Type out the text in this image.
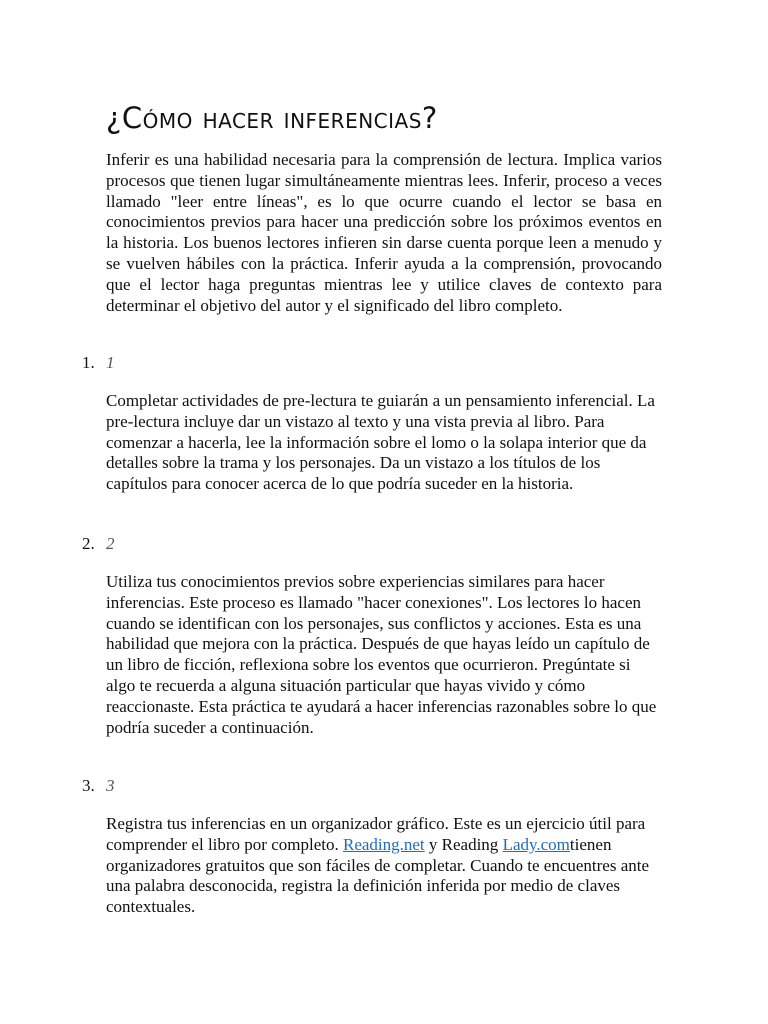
¿Cómo hacer inferencias?

Inferir es una habilidad necesaria para la comprensión de lectura. Implica varios procesos que tienen lugar simultáneamente mientras lees. Inferir, proceso a veces llamado "leer entre líneas", es lo que ocurre cuando el lector se basa en conocimientos previos para hacer una predicción sobre los próximos eventos en la historia. Los buenos lectores infieren sin darse cuenta porque leen a menudo y se vuelven hábiles con la práctica. Inferir ayuda a la comprensión, provocando que el lector haga preguntas mientras lee y utilice claves de contexto para determinar el objetivo del autor y el significado del libro completo.

1. 1

Completar actividades de pre-lectura te guiarán a un pensamiento inferencial. La pre-lectura incluye dar un vistazo al texto y una vista previa al libro. Para comenzar a hacerla, lee la información sobre el lomo o la solapa interior que da detalles sobre la trama y los personajes. Da un vistazo a los títulos de los capítulos para conocer acerca de lo que podría suceder en la historia.

2. 2

Utiliza tus conocimientos previos sobre experiencias similares para hacer inferencias. Este proceso es llamado "hacer conexiones". Los lectores lo hacen cuando se identifican con los personajes, sus conflictos y acciones. Esta es una habilidad que mejora con la práctica. Después de que hayas leído un capítulo de un libro de ficción, reflexiona sobre los eventos que ocurrieron. Pregúntate si algo te recuerda a alguna situación particular que hayas vivido y cómo reaccionaste. Esta práctica te ayudará a hacer inferencias razonables sobre lo que podría suceder a continuación.

3. 3

Registra tus inferencias en un organizador gráfico. Este es un ejercicio útil para comprender el libro por completo. Reading.net y Reading Lady.comtienen organizadores gratuitos que son fáciles de completar. Cuando te encuentres ante una palabra desconocida, registra la definición inferida por medio de claves contextuales.
